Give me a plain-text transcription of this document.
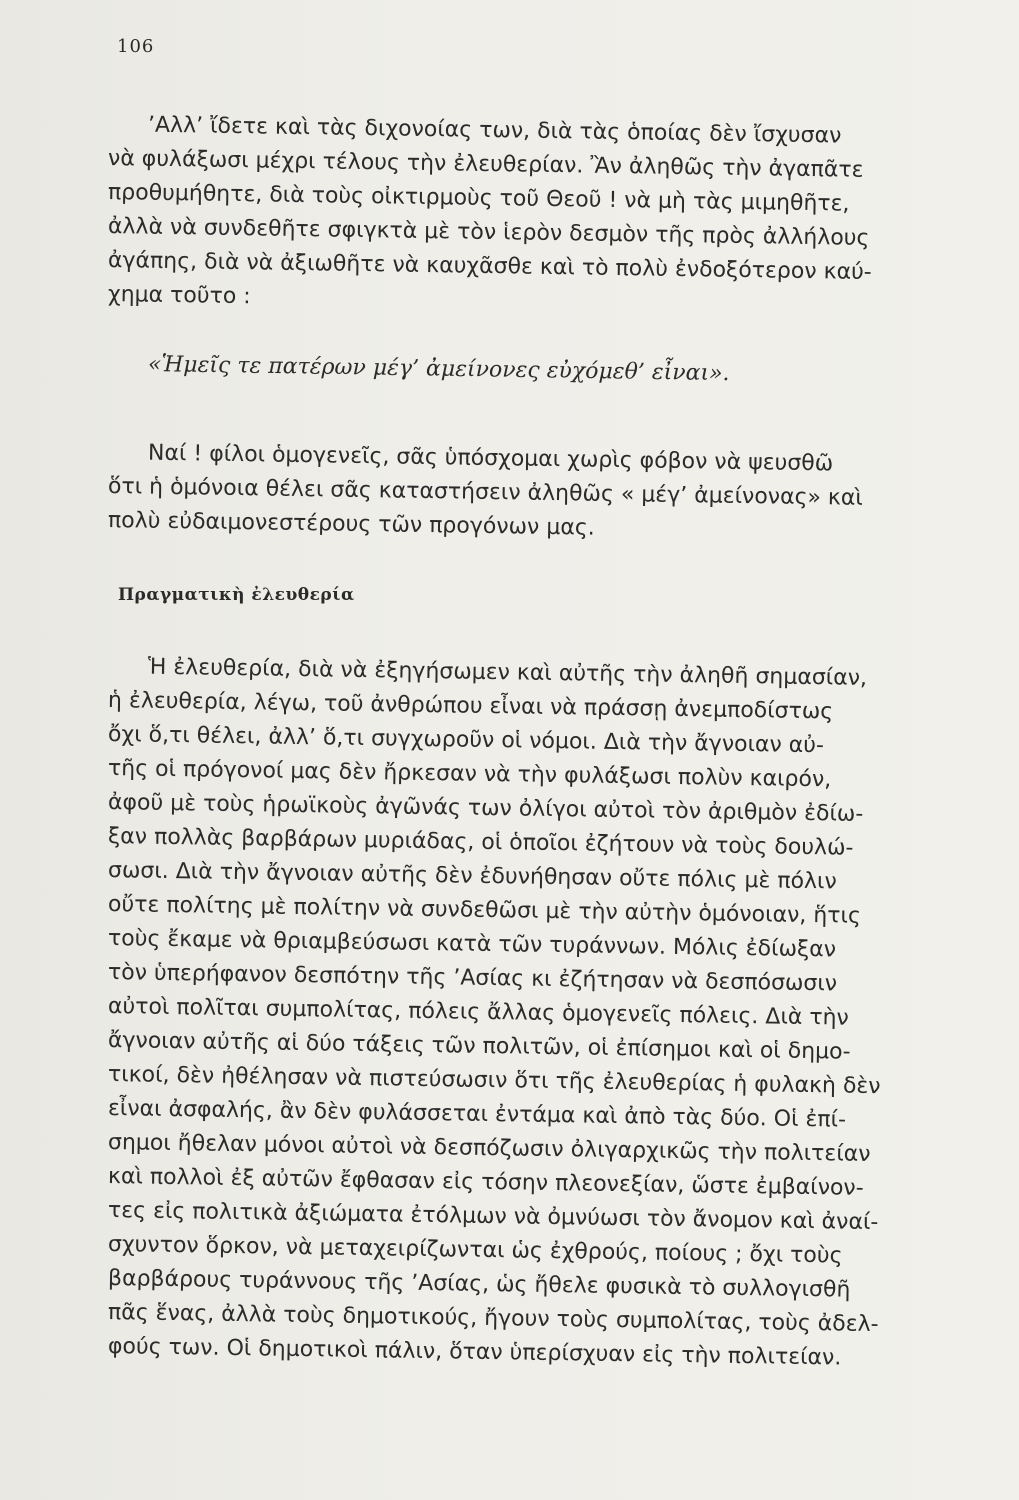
106
’Αλλ’ ἴδετε καὶ τὰς διχονοίας των, διὰ τὰς ὁποίας δὲν ἴσχυσαν
νὰ φυλάξωσι μέχρι τέλους τὴν ἐλευθερίαν. Ἂν ἀληθῶς τὴν ἀγαπᾶτε
προθυμήθητε, διὰ τοὺς οἰκτιρμοὺς τοῦ Θεοῦ ! νὰ μὴ τὰς μιμηθῆτε,
ἀλλὰ νὰ συνδεθῆτε σφιγκτὰ μὲ τὸν ἱερὸν δεσμὸν τῆς πρὸς ἀλλήλους
ἀγάπης, διὰ νὰ ἀξιωθῆτε νὰ καυχᾶσθε καὶ τὸ πολὺ ἐνδοξότερον καύ-
χημα τοῦτο :
«Ἡμεῖς τε πατέρων μέγ’ ἀμείνονες εὐχόμεθ’ εἶναι».
Ναί ! φίλοι ὁμογενεῖς, σᾶς ὑπόσχομαι χωρὶς φόβον νὰ ψευσθῶ
ὅτι ἡ ὁμόνοια θέλει σᾶς καταστήσειν ἀληθῶς « μέγ’ ἀμείνονας» καὶ
πολὺ εὐδαιμονεστέρους τῶν προγόνων μας.
Πραγματικὴ ἐλευθερία
Ἡ ἐλευθερία, διὰ νὰ ἐξηγήσωμεν καὶ αὐτῆς τὴν ἀληθῆ σημασίαν,
ἡ ἐλευθερία, λέγω, τοῦ ἀνθρώπου εἶναι νὰ πράσσῃ ἀνεμποδίστως
ὄχι ὅ,τι θέλει, ἀλλ’ ὅ,τι συγχωροῦν οἱ νόμοι. Διὰ τὴν ἄγνοιαν αὐ-
τῆς οἱ πρόγονοί μας δὲν ἤρκεσαν νὰ τὴν φυλάξωσι πολὺν καιρόν,
ἀφοῦ μὲ τοὺς ἡρωϊκοὺς ἀγῶνάς των ὀλίγοι αὐτοὶ τὸν ἀριθμὸν ἐδίω-
ξαν πολλὰς βαρβάρων μυριάδας, οἱ ὁποῖοι ἐζήτουν νὰ τοὺς δουλώ-
σωσι. Διὰ τὴν ἄγνοιαν αὐτῆς δὲν ἐδυνήθησαν οὔτε πόλις μὲ πόλιν
οὔτε πολίτης μὲ πολίτην νὰ συνδεθῶσι μὲ τὴν αὐτὴν ὁμόνοιαν, ἥτις
τοὺς ἔκαμε νὰ θριαμβεύσωσι κατὰ τῶν τυράννων. Μόλις ἐδίωξαν
τὸν ὑπερήφανον δεσπότην τῆς ’Ασίας κι ἐζήτησαν νὰ δεσπόσωσιν
αὐτοὶ πολῖται συμπολίτας, πόλεις ἄλλας ὁμογενεῖς πόλεις. Διὰ τὴν
ἄγνοιαν αὐτῆς αἱ δύο τάξεις τῶν πολιτῶν, οἱ ἐπίσημοι καὶ οἱ δημο-
τικοί, δὲν ἠθέλησαν νὰ πιστεύσωσιν ὅτι τῆς ἐλευθερίας ἡ φυλακὴ δὲν
εἶναι ἀσφαλής, ἂν δὲν φυλάσσεται ἐντάμα καὶ ἀπὸ τὰς δύο. Οἱ ἐπί-
σημοι ἤθελαν μόνοι αὐτοὶ νὰ δεσπόζωσιν ὀλιγαρχικῶς τὴν πολιτείαν
καὶ πολλοὶ ἐξ αὐτῶν ἔφθασαν εἰς τόσην πλεονεξίαν, ὥστε ἐμβαίνον-
τες εἰς πολιτικὰ ἀξιώματα ἐτόλμων νὰ ὀμνύωσι τὸν ἄνομον καὶ ἀναί-
σχυντον ὅρκον, νὰ μεταχειρίζωνται ὡς ἐχθρούς, ποίους ; ὄχι τοὺς
βαρβάρους τυράννους τῆς ’Ασίας, ὡς ἤθελε φυσικὰ τὸ συλλογισθῆ
πᾶς ἕνας, ἀλλὰ τοὺς δημοτικούς, ἤγουν τοὺς συμπολίτας, τοὺς ἀδελ-
φούς των. Οἱ δημοτικοὶ πάλιν, ὅταν ὑπερίσχυαν εἰς τὴν πολιτείαν.
